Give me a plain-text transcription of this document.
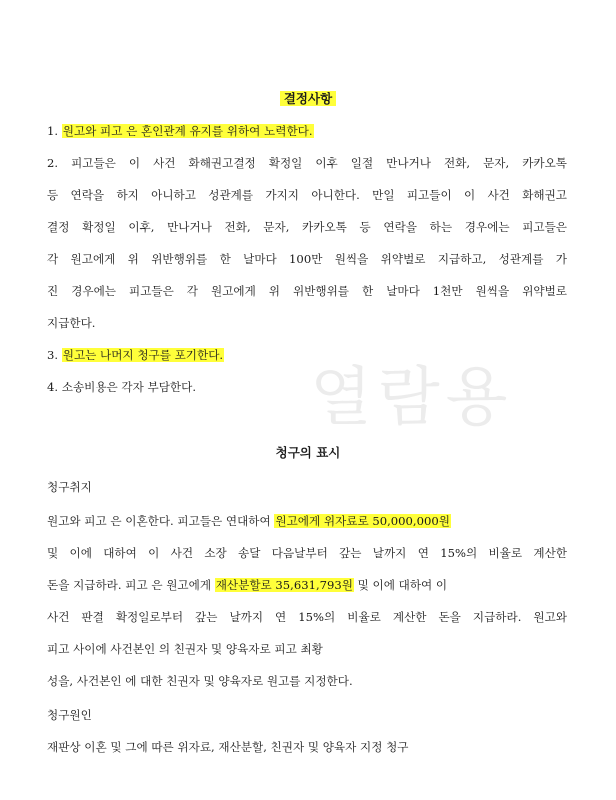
열람용
결정사항
1. 원고와 피고 은 혼인관계 유지를 위하여 노력한다.
2. 피고들은 이 사건 화해권고결정 확정일 이후 일절 만나거나 전화, 문자, 카카오톡
등 연락을 하지 아니하고 성관계를 가지지 아니한다. 만일 피고들이 이 사건 화해권고
결정 확정일 이후, 만나거나 전화, 문자, 카카오톡 등 연락을 하는 경우에는 피고들은
각 원고에게 위 위반행위를 한 날마다 100만 원씩을 위약벌로 지급하고, 성관계를 가
진 경우에는 피고들은 각 원고에게 위 위반행위를 한 날마다 1천만 원씩을 위약벌로
지급한다.
3. 원고는 나머지 청구를 포기한다.
4. 소송비용은 각자 부담한다.
청구의 표시
청구취지
원고와 피고 은 이혼한다. 피고들은 연대하여 원고에게 위자료로 50,000,000원
및 이에 대하여 이 사건 소장 송달 다음날부터 갚는 날까지 연 15%의 비율로 계산한
돈을 지급하라. 피고 은 원고에게 재산분할로 35,631,793원 및 이에 대하여 이
사건 판결 확정일로부터 갚는 날까지 연 15%의 비율로 계산한 돈을 지급하라. 원고와
피고 사이에 사건본인 의 친권자 및 양육자로 피고 최황
성을, 사건본인 에 대한 친권자 및 양육자로 원고를 지정한다.
청구원인
재판상 이혼 및 그에 따른 위자료, 재산분할, 친권자 및 양육자 지정 청구
